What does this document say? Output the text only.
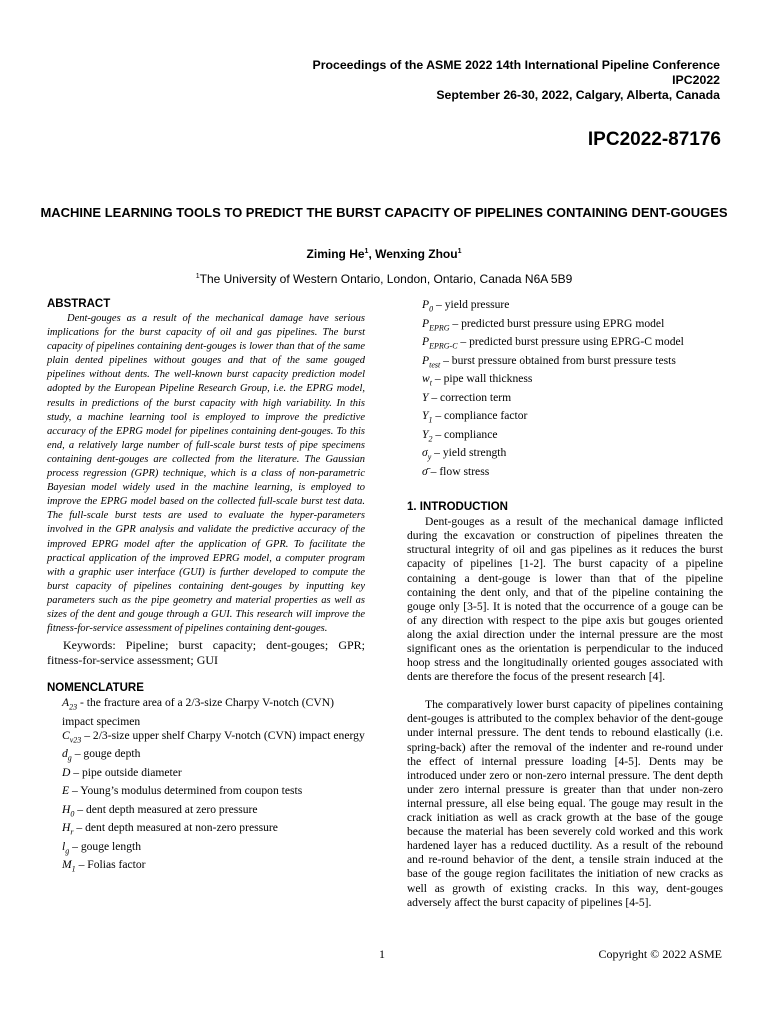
Proceedings of the ASME 2022 14th International Pipeline Conference
IPC2022
September 26-30, 2022, Calgary, Alberta, Canada
IPC2022-87176
MACHINE LEARNING TOOLS TO PREDICT THE BURST CAPACITY OF PIPELINES CONTAINING DENT-GOUGES
Ziming He$^1$, Wenxing Zhou$^1$
$^1$The University of Western Ontario, London, Ontario, Canada N6A 5B9
ABSTRACT

Dent-gouges as a result of the mechanical damage have serious implications for the burst capacity of oil and gas pipelines. The burst capacity of pipelines containing dent-gouges is lower than that of the same plain dented pipelines without gouges and that of the same gouged pipelines without dents. The well-known burst capacity prediction model adopted by the European Pipeline Research Group, i.e. the EPRG model, results in predictions of the burst capacity with high variability. In this study, a machine learning tool is employed to improve the predictive accuracy of the EPRG model for pipelines containing dent-gouges. To this end, a relatively large number of full-scale burst tests of pipe specimens containing dent-gouges are collected from the literature. The Gaussian process regression (GPR) technique, which is a class of non-parametric Bayesian model widely used in the machine learning, is employed to improve the EPRG model based on the collected full-scale burst test data. The full-scale burst tests are used to evaluate the hyper-parameters involved in the GPR analysis and validate the predictive accuracy of the improved EPRG model after the application of GPR. To facilitate the practical application of the improved EPRG model, a computer program with a graphic user interface (GUI) is further developed to compute the burst capacity of pipelines containing dent-gouges by inputting key parameters such as the pipe geometry and material properties as well as sizes of the dent and gouge through a GUI. This research will improve the fitness-for-service assessment of pipelines containing dent-gouges.

Keywords: Pipeline; burst capacity; dent-gouges; GPR; fitness-for-service assessment; GUI

NOMENCLATURE
$A_{23}$ - the fracture area of a 2/3-size Charpy V-notch (CVN) impact specimen
$C_{v23}$ – 2/3-size upper shelf Charpy V-notch (CVN) impact energy
$d_g$ – gouge depth
D – pipe outside diameter
E – Young’s modulus determined from coupon tests
$H_0$ – dent depth measured at zero pressure
$H_r$ – dent depth measured at non-zero pressure
$l_g$ – gouge length
$M_1$ – Folias factor
$P_0$ – yield pressure
$P_{EPRG}$ – predicted burst pressure using EPRG model
$P_{EPRG-C}$ – predicted burst pressure using EPRG-C model
$P_{test}$ – burst pressure obtained from burst pressure tests
$w_t$ – pipe wall thickness
Y – correction term
$Y_1$ – compliance factor
$Y_2$ – compliance
$\sigma_y$ – yield strength
σ̄ – flow stress
1. INTRODUCTION

Dent-gouges as a result of the mechanical damage inflicted during the excavation or construction of pipelines threaten the structural integrity of oil and gas pipelines as it reduces the burst capacity of pipelines [1-2]. The burst capacity of a pipeline containing a dent-gouge is lower than that of the pipeline containing the dent only, and that of the pipeline containing the gouge only [3-5]. It is noted that the occurrence of a gouge can be of any direction with respect to the pipe axis but gouges oriented along the axial direction under the internal pressure are the most significant ones as the orientation is perpendicular to the induced hoop stress and the longitudinally oriented gouges associated with dents are therefore the focus of the present research [4].

The comparatively lower burst capacity of pipelines containing dent-gouges is attributed to the complex behavior of the dent-gouge under internal pressure. The dent tends to rebound elastically (i.e. spring-back) after the removal of the indenter and re-round under the effect of internal pressure loading [4-5]. Dents may be introduced under zero or non-zero internal pressure. The dent depth under zero internal pressure is greater than that under non-zero internal pressure, all else being equal. The gouge may result in the crack initiation as well as crack growth at the base of the gouge because the material has been severely cold worked and this work hardened layer has a reduced ductility. As a result of the rebound and re-round behavior of the dent, a tensile strain induced at the base of the gouge region facilitates the initiation of new cracks as well as growth of existing cracks. In this way, dent-gouges adversely affect the burst capacity of pipelines [4-5].

1	Copyright © 2022 ASME
